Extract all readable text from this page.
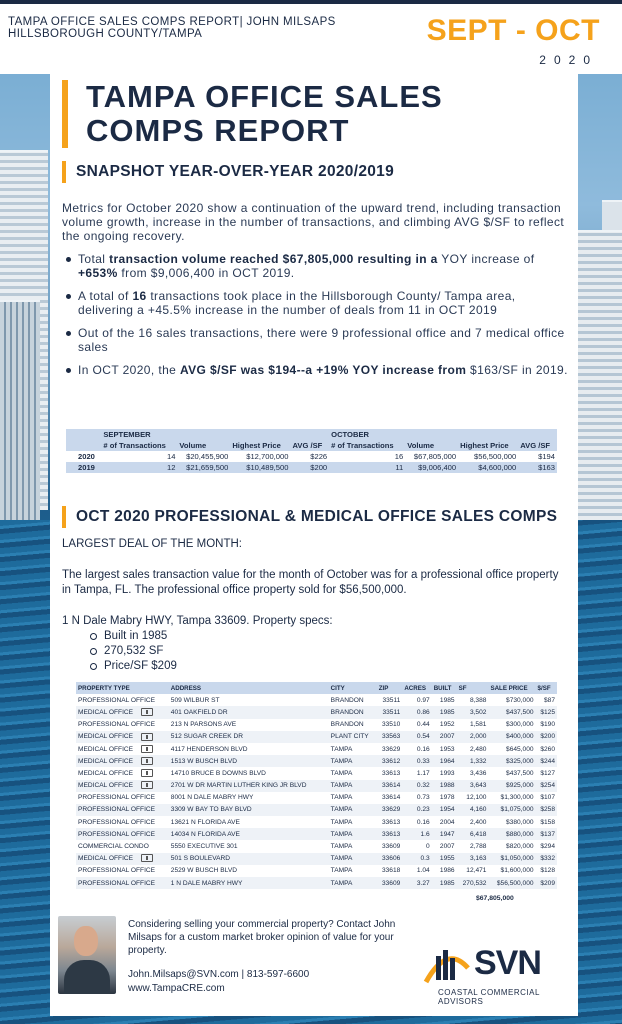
TAMPA OFFICE SALES COMPS REPORT| JOHN MILSAPS HILLSBOROUGH COUNTY/TAMPA	SEPT - OCT
2020
TAMPA OFFICE SALES COMPS REPORT
SNAPSHOT YEAR-OVER-YEAR 2020/2019
Metrics for October 2020 show a continuation of the upward trend, including transaction volume growth, increase in the number of transactions, and climbing AVG $/SF to reflect the ongoing recovery.
Total transaction volume reached $67,805,000 resulting in a YOY increase of +653% from $9,006,400 in OCT 2019.
A total of 16 transactions took place in the Hillsborough County/ Tampa area, delivering a +45.5% increase in the number of deals from 11 in OCT 2019
Out of the 16 sales transactions, there were 9 professional office and 7 medical office sales
In OCT 2020, the AVG $/SF was $194--a +19% YOY increase from $163/SF in 2019.
	SEPTEMBER				OCTOBER			
	# of Transactions	Volume	Highest Price	AVG /SF	# of Transactions	Volume	Highest Price	AVG /SF
2020	14	$20,455,900	$12,700,000	$226	16	$67,805,000	$56,500,000	$194
2019	12	$21,659,500	$10,489,500	$200	11	$9,006,400	$4,600,000	$163
OCT 2020 PROFESSIONAL & MEDICAL OFFICE SALES COMPS
LARGEST DEAL OF THE MONTH:
The largest sales transaction value for the month of October was for a professional office property in Tampa, FL. The professional office property sold for $56,500,000.
1 N Dale Mabry HWY, Tampa 33609. Property specs:
Built in 1985
270,532 SF
Price/SF $209
PROPERTY TYPE	ADDRESS	CITY	ZIP	ACRES	BUILT	SF	SALE PRICE	$/SF
PROFESSIONAL OFFICE	509 WILBUR ST	BRANDON	33511	0.97	1985	8,388	$730,000	$87
MEDICAL OFFICE	401 OAKFIELD DR	BRANDON	33511	0.86	1985	3,502	$437,500	$125
PROFESSIONAL OFFICE	213 N PARSONS AVE	BRANDON	33510	0.44	1952	1,581	$300,000	$190
MEDICAL OFFICE	512 SUGAR CREEK DR	PLANT CITY	33563	0.54	2007	2,000	$400,000	$200
MEDICAL OFFICE	4117 HENDERSON BLVD	TAMPA	33629	0.16	1953	2,480	$645,000	$260
MEDICAL OFFICE	1513 W BUSCH BLVD	TAMPA	33612	0.33	1964	1,332	$325,000	$244
MEDICAL OFFICE	14710 BRUCE B DOWNS BLVD	TAMPA	33613	1.17	1993	3,436	$437,500	$127
MEDICAL OFFICE	2701 W DR MARTIN LUTHER KING JR BLVD	TAMPA	33614	0.32	1988	3,643	$925,000	$254
PROFESSIONAL OFFICE	8001 N DALE MABRY HWY	TAMPA	33614	0.73	1978	12,100	$1,300,000	$107
PROFESSIONAL OFFICE	3309 W BAY TO BAY BLVD	TAMPA	33629	0.23	1954	4,160	$1,075,000	$258
PROFESSIONAL OFFICE	13621 N FLORIDA AVE	TAMPA	33613	0.16	2004	2,400	$380,000	$158
PROFESSIONAL OFFICE	14034 N FLORIDA AVE	TAMPA	33613	1.6	1947	6,418	$880,000	$137
COMMERCIAL CONDO	5550 EXECUTIVE 301	TAMPA	33609	0	2007	2,788	$820,000	$294
MEDICAL OFFICE	501 S BOULEVARD	TAMPA	33606	0.3	1955	3,163	$1,050,000	$332
PROFESSIONAL OFFICE	2529 W BUSCH BLVD	TAMPA	33618	1.04	1986	12,471	$1,600,000	$128
PROFESSIONAL OFFICE	1 N DALE MABRY HWY	TAMPA	33609	3.27	1985	270,532	$56,500,000	$209
$67,805,000
Considering selling your commercial property? Contact John Milsaps for a custom market broker opinion of value for your property.
John.Milsaps@SVN.com | 813-597-6600
www.TampaCRE.com
SVN
COASTAL COMMERCIAL ADVISORS
